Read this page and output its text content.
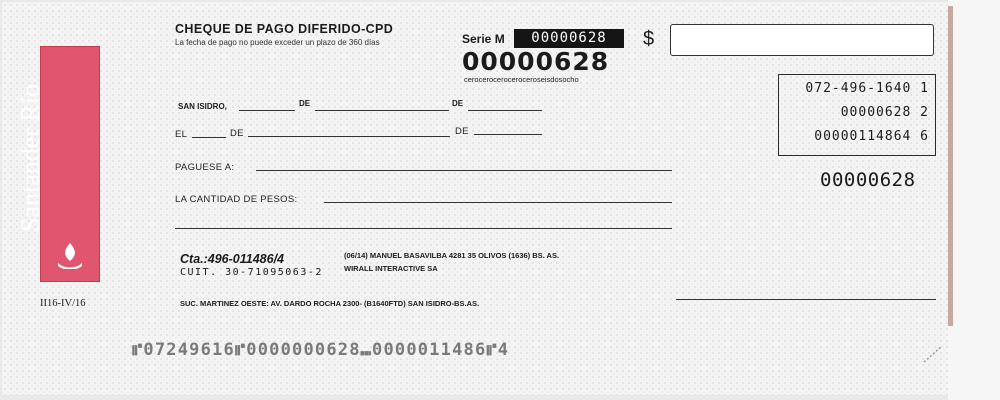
Santander Río
CHEQUE DE PAGO DIFERIDO-CPD
La fecha de pago no puede exceder un plazo de 360 días	Serie M	00000628
00000628
ceroceroceroceroceroseisdosocho
$
072-496-1640 1
00000628 2
00000114864 6
00000628
SAN ISIDRO,	DE	DE
EL	DE	DE
PAGUESE A:
LA CANTIDAD DE PESOS:
Cta.:496-011486/4
CUIT. 30-71095063-2
(06/14) MANUEL BASAVILBA 4281 35 OLIVOS (1636) BS. AS.
WIRALL INTERACTIVE SA
SUC. MARTINEZ OESTE: AV. DARDO ROCHA 2300- (B1640FTD) SAN ISIDRO-BS.AS.
II16-IV/16
⑈07249616⑈0000000628⑉0000011486⑈4
